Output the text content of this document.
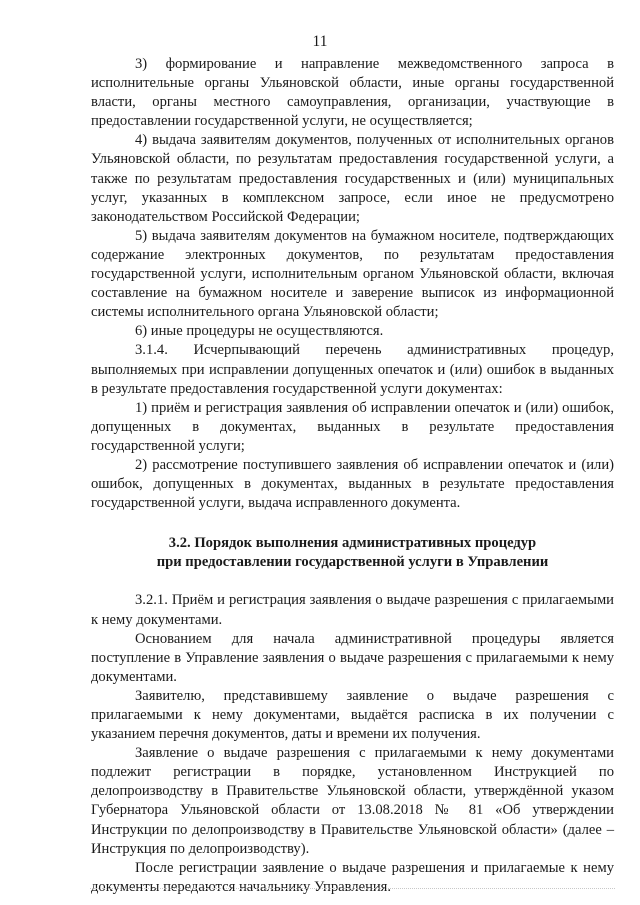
11

3) формирование и направление межведомственного запроса в исполнительные органы Ульяновской области, иные органы государственной власти, органы местного самоуправления, организации, участвующие в предоставлении государственной услуги, не осуществляется;

4) выдача заявителям документов, полученных от исполнительных органов Ульяновской области, по результатам предоставления государственной услуги, а также по результатам предоставления государственных и (или) муниципальных услуг, указанных в комплексном запросе, если иное не предусмотрено законодательством Российской Федерации;

5) выдача заявителям документов на бумажном носителе, подтверждающих содержание электронных документов, по результатам предоставления государственной услуги, исполнительным органом Ульяновской области, включая составление на бумажном носителе и заверение выписок из информационной системы исполнительного органа Ульяновской области;

6) иные процедуры не осуществляются.

3.1.4. Исчерпывающий перечень административных процедур, выполняемых при исправлении допущенных опечаток и (или) ошибок в выданных в результате предоставления государственной услуги документах:

1) приём и регистрация заявления об исправлении опечаток и (или) ошибок, допущенных в документах, выданных в результате предоставления государственной услуги;

2) рассмотрение поступившего заявления об исправлении опечаток и (или) ошибок, допущенных в документах, выданных в результате предоставления государственной услуги, выдача исправленного документа.

3.2. Порядок выполнения административных процедур
при предоставлении государственной услуги в Управлении

3.2.1. Приём и регистрация заявления о выдаче разрешения с прилагаемыми к нему документами.

Основанием для начала административной процедуры является поступление в Управление заявления о выдаче разрешения с прилагаемыми к нему документами.

Заявителю, представившему заявление о выдаче разрешения с прилагаемыми к нему документами, выдаётся расписка в их получении с указанием перечня документов, даты и времени их получения.

Заявление о выдаче разрешения с прилагаемыми к нему документами подлежит регистрации в порядке, установленном Инструкцией по делопроизводству в Правительстве Ульяновской области, утверждённой указом Губернатора Ульяновской области от 13.08.2018 № 81 «Об утверждении Инструкции по делопроизводству в Правительстве Ульяновской области» (далее – Инструкция по делопроизводству).

После регистрации заявление о выдаче разрешения и прилагаемые к нему документы передаются начальнику Управления.
